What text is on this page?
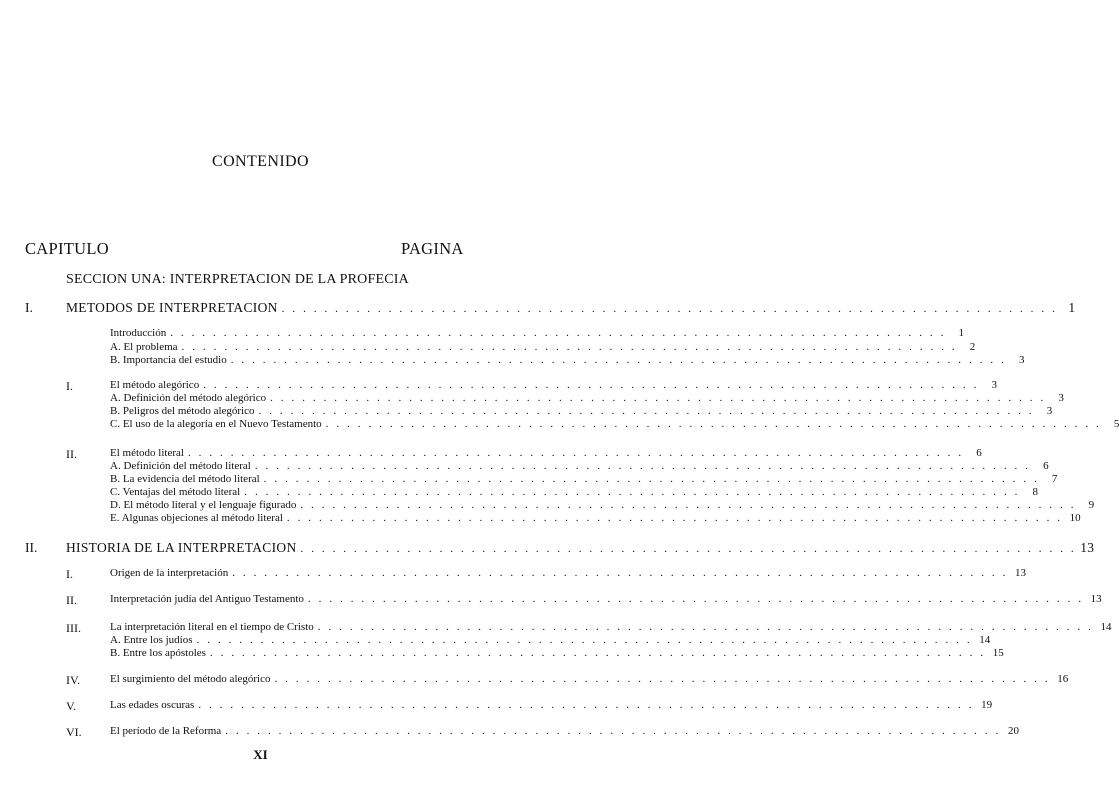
CONTENIDO
CAPITULO	PAGINA
SECCION UNA: INTERPRETACION DE LA PROFECIA
I. METODOS DE INTERPRETACION . . . . . . . . . . . . . . . . . . . . . . . . . . . . . . . . . . . . . . . . . . . . . . . . . . . . . . . . . . . . . . . . . . . . . . . . . 1
Introducción . . . . . . . . . . . . . . . . . . . . . . . . . . . . . . . . . . . . . . . . . . . . . . . . . . . . . . . . . . . . . . . . . . . . . . . . .	1
A. El problema . . . . . . . . . . . . . . . . . . . . . . . . . . . . . . . . . . . . . . . . . . . . . . . . . . . . . . . . . . . . . . . . . . . . . . . . .	2
B. Importancia del estudio . . . . . . . . . . . . . . . . . . . . . . . . . . . . . . . . . . . . . . . . . . . . . . . . . . . . . . . . . . . . . . . . . . . . . . . . .	3
I.	El método alegórico . . . . . . . . . . . . . . . . . . . . . . . . . . . . . . . . . . . . . . . . . . . . . . . . . . . . . . . . . . . . . . . . . . . . . . . . .	3
A. Definición del método alegórico . . . . . . . . . . . . . . . . . . . . . . . . . . . . . . . . . . . . . . . . . . . . . . . . . . . . . . . . . . . . . . . . . . . . . . . . .	3
B. Peligros del método alegórico . . . . . . . . . . . . . . . . . . . . . . . . . . . . . . . . . . . . . . . . . . . . . . . . . . . . . . . . . . . . . . . . . . . . . . . . .	3
C. El uso de la alegoría en el Nuevo Testamento . . . . . . . . . . . . . . . . . . . . . . . . . . . . . . . . . . . . . . . . . . . . . . . . . . . . . . . . . . . . . . . . . . . . . . . . .	5
II.	El método literal . . . . . . . . . . . . . . . . . . . . . . . . . . . . . . . . . . . . . . . . . . . . . . . . . . . . . . . . . . . . . . . . . . . . . . . . .	6
A. Definición del método literal . . . . . . . . . . . . . . . . . . . . . . . . . . . . . . . . . . . . . . . . . . . . . . . . . . . . . . . . . . . . . . . . . . . . . . . . .	6
B. La evidencia del método literal . . . . . . . . . . . . . . . . . . . . . . . . . . . . . . . . . . . . . . . . . . . . . . . . . . . . . . . . . . . . . . . . . . . . . . . . .	7
C. Ventajas del método literal . . . . . . . . . . . . . . . . . . . . . . . . . . . . . . . . . . . . . . . . . . . . . . . . . . . . . . . . . . . . . . . . . . . . . . . . .	8
D. El método literal y el lenguaje figurado . . . . . . . . . . . . . . . . . . . . . . . . . . . . . . . . . . . . . . . . . . . . . . . . . . . . . . . . . . . . . . . . . . . . . . . . .	9
E. Algunas objeciones al método literal . . . . . . . . . . . . . . . . . . . . . . . . . . . . . . . . . . . . . . . . . . . . . . . . . . . . . . . . . . . . . . . . . . . . . . . . . 10
II. HISTORIA DE LA INTERPRETACION . . . . . . . . . . . . . . . . . . . . . . . . . . . . . . . . . . . . . . . . . . . . . . . . . . . . . . . . . . . . . . . . . . . . . . . . . 13
I.	Origen de la interpretación . . . . . . . . . . . . . . . . . . . . . . . . . . . . . . . . . . . . . . . . . . . . . . . . . . . . . . . . . . . . . . . . . . . . . . . . . 13
II.	Interpretación judía del Antiguo Testamento . . . . . . . . . . . . . . . . . . . . . . . . . . . . . . . . . . . . . . . . . . . . . . . . . . . . . . . . . . . . . . . . . . . . . . . . . 13
III.	La interpretación literal en el tiempo de Cristo . . . . . . . . . . . . . . . . . . . . . . . . . . . . . . . . . . . . . . . . . . . . . . . . . . . . . . . . . . . . . . . . . . . . . . . . . 14
A. Entre los judíos . . . . . . . . . . . . . . . . . . . . . . . . . . . . . . . . . . . . . . . . . . . . . . . . . . . . . . . . . . . . . . . . . . . . . . . . . 14
B. Entre los apóstoles . . . . . . . . . . . . . . . . . . . . . . . . . . . . . . . . . . . . . . . . . . . . . . . . . . . . . . . . . . . . . . . . . . . . . . . . . 15
IV.	El surgimiento del método alegórico . . . . . . . . . . . . . . . . . . . . . . . . . . . . . . . . . . . . . . . . . . . . . . . . . . . . . . . . . . . . . . . . . . . . . . . . . 16
V.	Las edades oscuras . . . . . . . . . . . . . . . . . . . . . . . . . . . . . . . . . . . . . . . . . . . . . . . . . . . . . . . . . . . . . . . . . . . . . . . . . 19
VI.	El período de la Reforma . . . . . . . . . . . . . . . . . . . . . . . . . . . . . . . . . . . . . . . . . . . . . . . . . . . . . . . . . . . . . . . . . . . . . . . . . 20
XI
